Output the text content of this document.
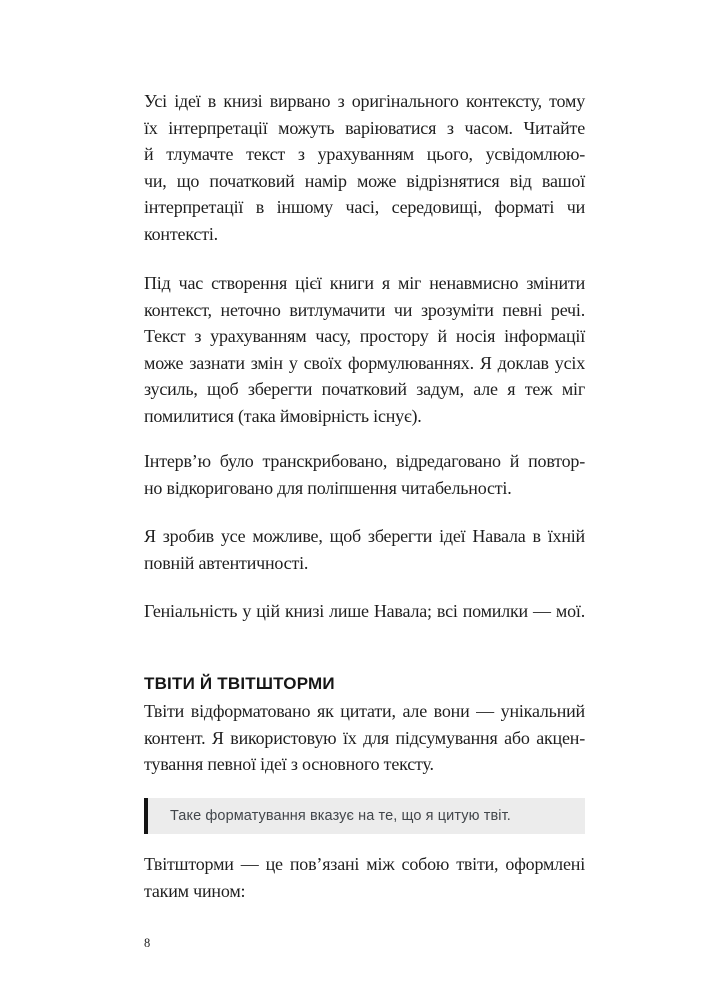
Усі ідеї в книзі вирвано з оригінального контексту, тому
їх інтерпретації можуть варіюватися з часом. Читайте
й тлумачте текст з урахуванням цього, усвідомлюю-
чи, що початковий намір може відрізнятися від вашої
інтерпретації в іншому часі, середовищі, форматі чи
контексті.
Під час створення цієї книги я міг ненавмисно змінити
контекст, неточно витлумачити чи зрозуміти певні речі.
Текст з урахуванням часу, простору й носія інформації
може зазнати змін у своїх формулюваннях. Я доклав усіх
зусиль, щоб зберегти початковий задум, але я теж міг
помилитися (така ймовірність існує).
Інтерв’ю було транскрибовано, відредаговано й повтор-
но відкориговано для поліпшення читабельності.
Я зробив усе можливе, щоб зберегти ідеї Навала в їхній
повній автентичності.
Геніальність у цій книзі лише Навала; всі помилки — мої.
ТВІТИ Й ТВІТШТОРМИ
Твіти відформатовано як цитати, але вони — унікальний
контент. Я використовую їх для підсумування або акцен-
тування певної ідеї з основного тексту.
Таке форматування вказує на те, що я цитую твіт.
Твітшторми — це пов’язані між собою твіти, оформлені
таким чином:
8
